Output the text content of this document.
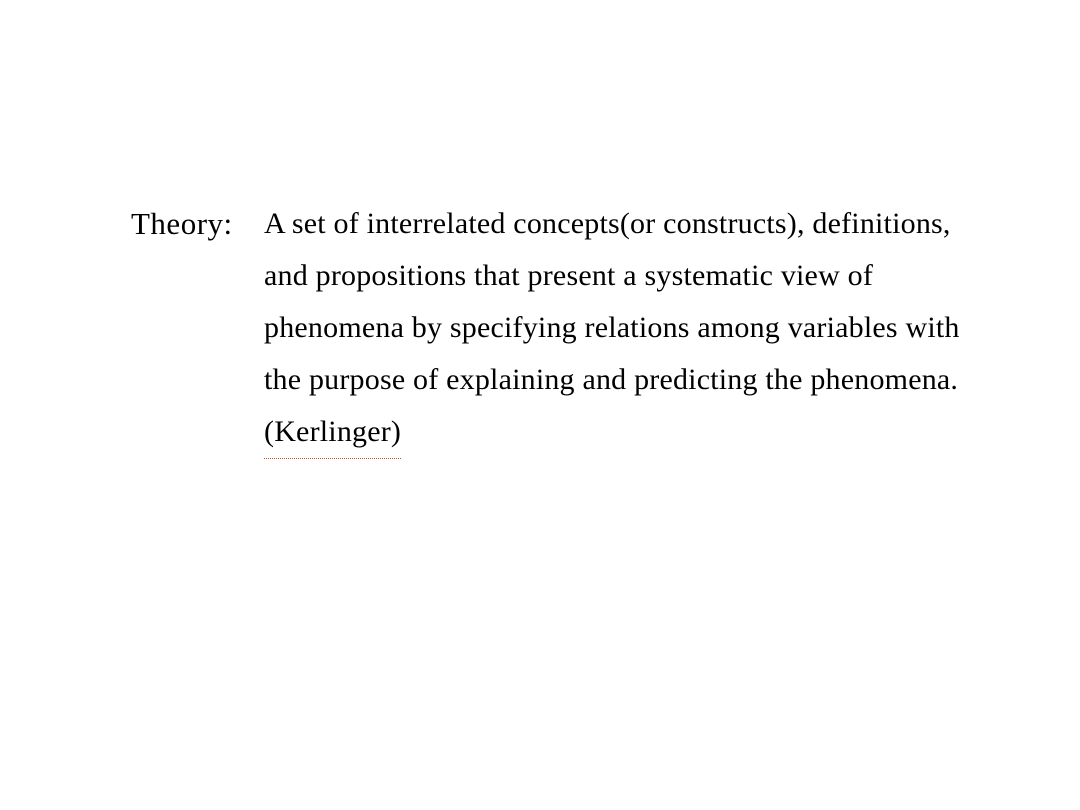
Theory:	A set of interrelated concepts(or constructs), definitions,
and propositions that present a systematic view of
phenomena by specifying relations among variables with
the purpose of explaining and predicting the phenomena.
(Kerlinger)
